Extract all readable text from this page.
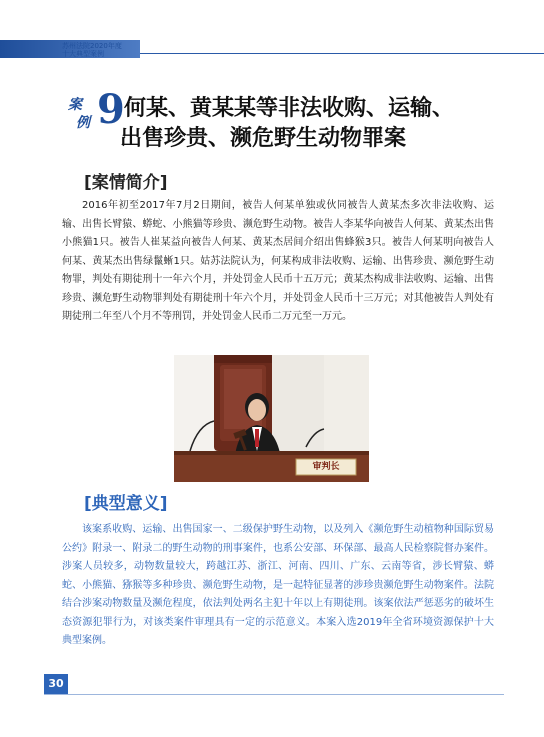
苏州法院2020年度
十大典型案例
案
例 9 何某、黄某某等非法收购、运输、
出售珍贵、濒危野生动物罪案
[案情简介]

2016年初至2017年7月2日期间，被告人何某单独或伙同被告人黄某杰多次非法收购、运输、出售长臂猿、蟒蛇、小熊猫等珍贵、濒危野生动物。被告人李某华向被告人何某、黄某杰出售小熊猫1只。被告人崔某益向被告人何某、黄某杰居间介绍出售蜂猴3只。被告人何某明向被告人何某、黄某杰出售绿鬣蜥1只。姑苏法院认为，何某构成非法收购、运输、出售珍贵、濒危野生动物罪，判处有期徒刑十一年六个月，并处罚金人民币十五万元；黄某杰构成非法收购、运输、出售珍贵、濒危野生动物罪判处有期徒刑十年六个月，并处罚金人民币十三万元；对其他被告人判处有期徒刑二年至八个月不等刑罚，并处罚金人民币二万元至一万元。

审判长
[典型意义]

该案系收购、运输、出售国家一、二级保护野生动物，以及列入《濒危野生动植物种国际贸易公约》附录一、附录二的野生动物的刑事案件，也系公安部、环保部、最高人民检察院督办案件。涉案人员较多，动物数量较大，跨越江苏、浙江、河南、四川、广东、云南等省，涉长臂猿、蟒蛇、小熊猫、猕猴等多种珍贵、濒危野生动物，是一起特征显著的涉珍贵濒危野生动物案件。法院结合涉案动物数量及濒危程度，依法判处两名主犯十年以上有期徒刑。该案依法严惩恶劣的破坏生态资源犯罪行为，对该类案件审理具有一定的示范意义。本案入选2019年全省环境资源保护十大典型案例。

30
